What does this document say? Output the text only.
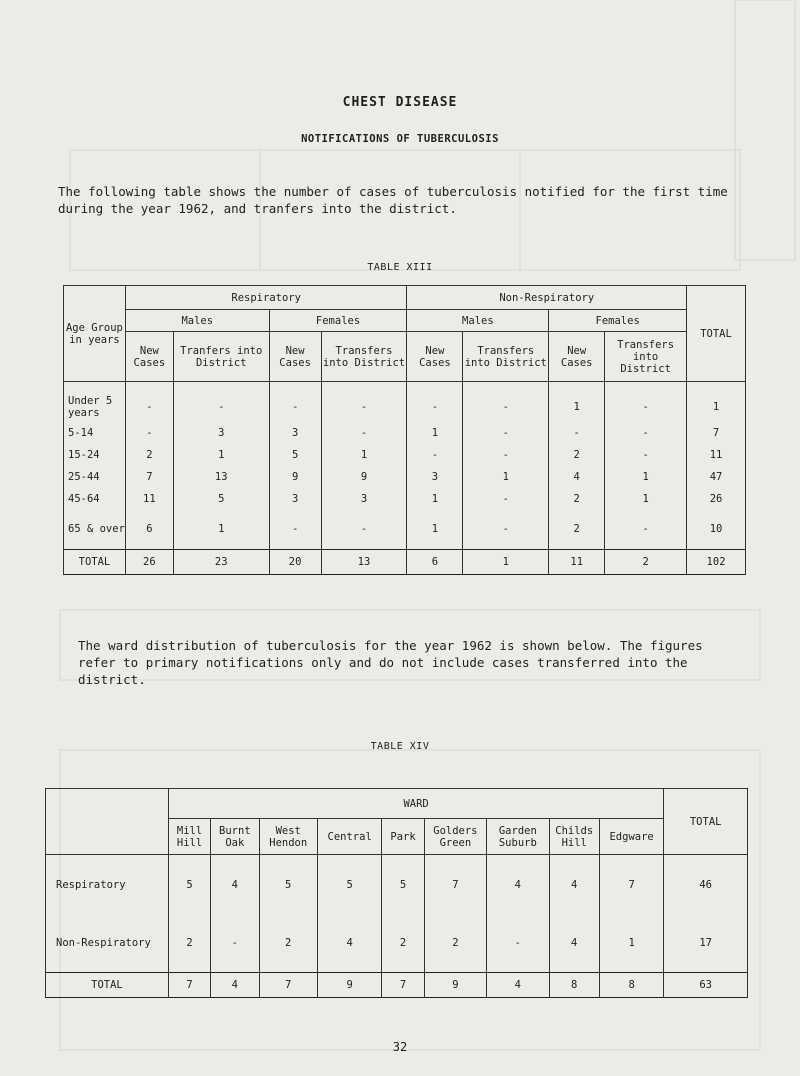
CHEST DISEASE
NOTIFICATIONS OF TUBERCULOSIS
The following table shows the number of cases of tuberculosis notified for the first time during the year 1962, and tranfers into the district.
TABLE XIII
Age Group in years	Respiratory				Non-Respiratory				TOTAL
	Males		Females		Males		Females		
	New Cases	Tranfers into District	New Cases	Transfers into District	New Cases	Transfers into District	New Cases	Transfers into District	
Under 5 years	-	-	-	-	-	-	1	-	1
5-14	-	3	3	-	1	-	-	-	7
15-24	2	1	5	1	-	-	2	-	11
25-44	7	13	9	9	3	1	4	1	47
45-64	11	5	3	3	1	-	2	1	26
65 & over	6	1	-	-	1	-	2	-	10
TOTAL	26	23	20	13	6	1	11	2	102
The ward distribution of tuberculosis for the year 1962 is shown below. The figures refer to primary notifications only and do not include cases transferred into the district.
TABLE XIV
	WARD									TOTAL
	Mill Hill	Burnt Oak	West Hendon	Central	Park	Golders Green	Garden Suburb	Childs Hill	Edgware	
Respiratory	5	4	5	5	5	7	4	4	7	46
Non-Respiratory	2	-	2	4	2	2	-	4	1	17
TOTAL	7	4	7	9	7	9	4	8	8	63
32
